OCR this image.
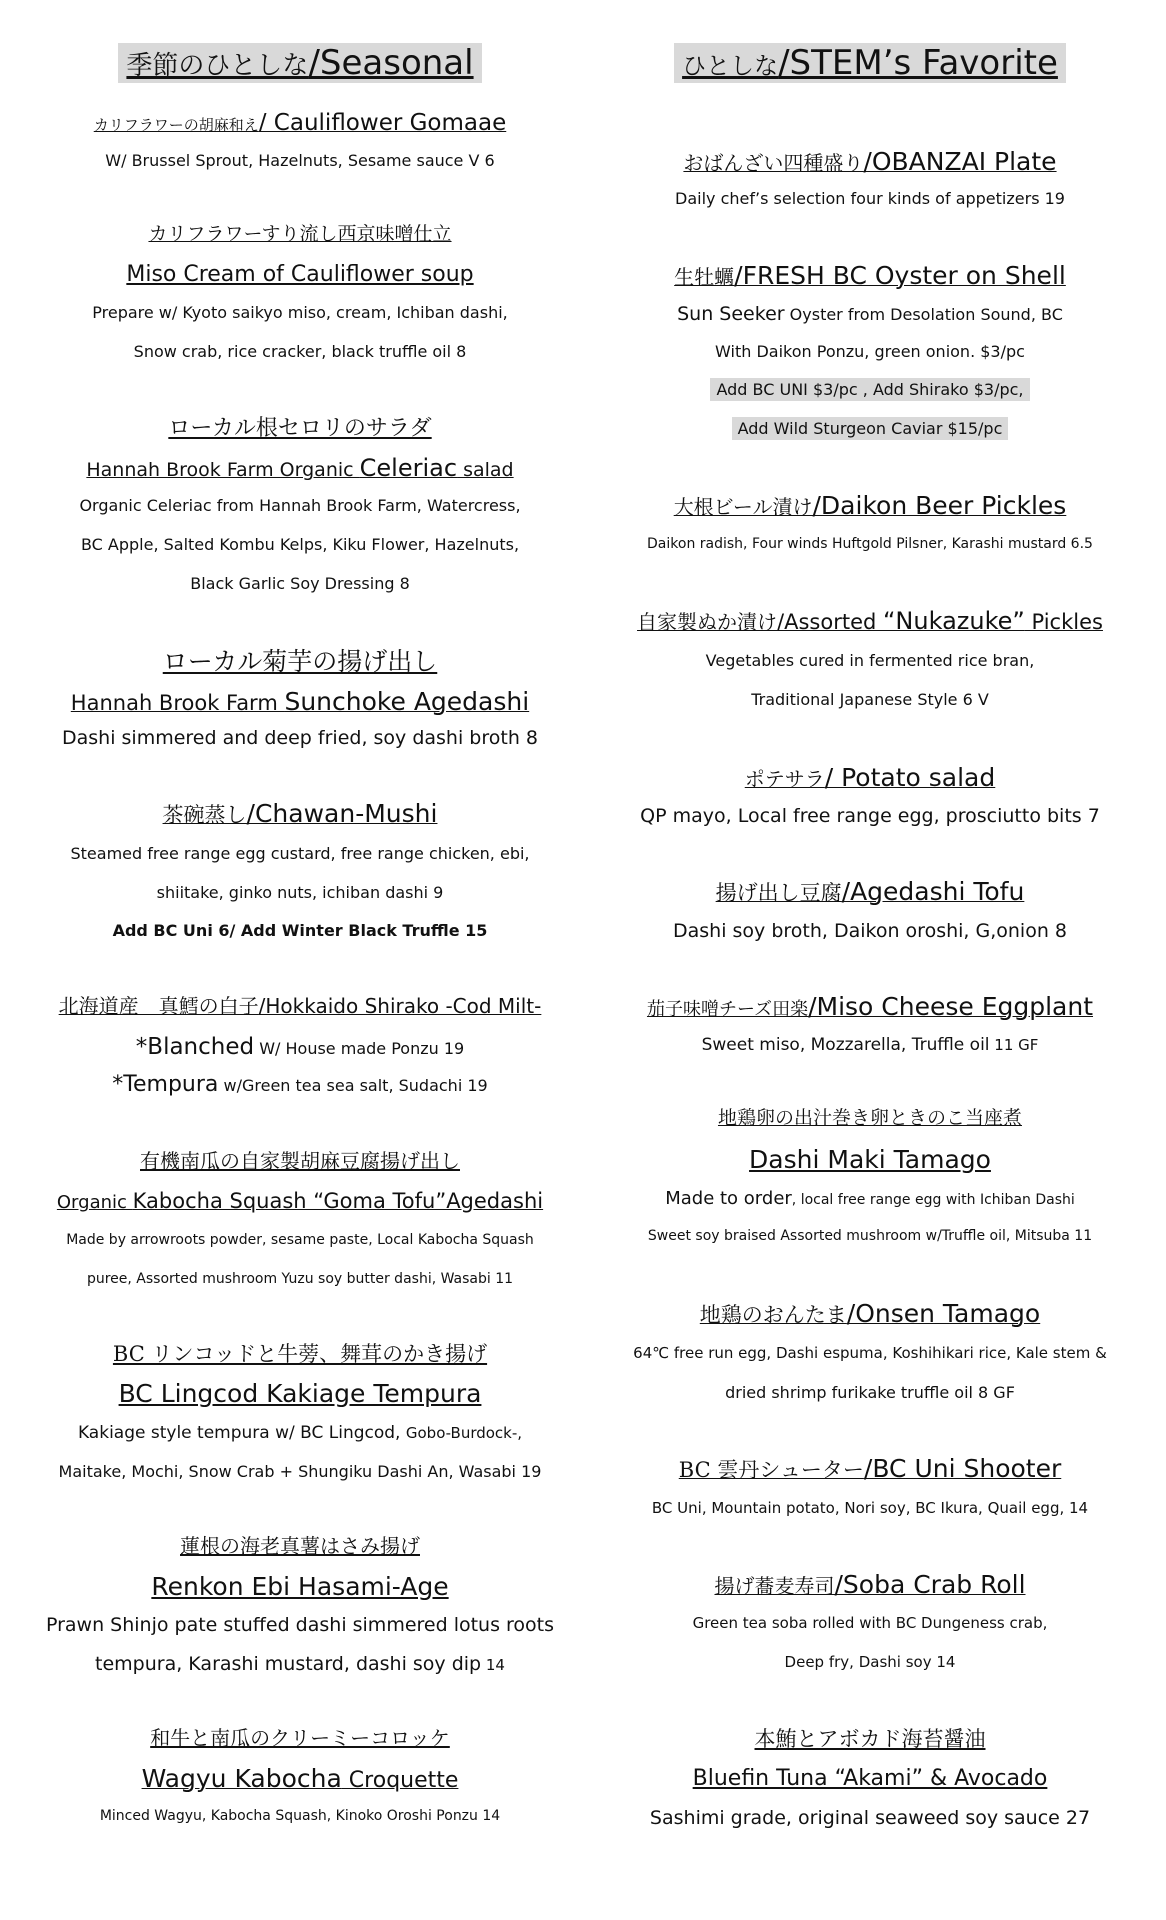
季節のひとしな/Seasonal
カリフラワーの胡麻和え/ Cauliflower Gomaae
W/ Brussel Sprout, Hazelnuts, Sesame sauce V 6
カリフラワーすり流し西京味噌仕立
Miso Cream of Cauliflower soup
Prepare w/ Kyoto saikyo miso, cream, Ichiban dashi,
Snow crab, rice cracker, black truffle oil 8
ローカル根セロリのサラダ
Hannah Brook Farm Organic Celeriac salad
Organic Celeriac from Hannah Brook Farm, Watercress,
BC Apple, Salted Kombu Kelps, Kiku Flower, Hazelnuts,
Black Garlic Soy Dressing 8
ローカル菊芋の揚げ出し
Hannah Brook Farm Sunchoke Agedashi
Dashi simmered and deep fried, soy dashi broth 8
茶碗蒸し/Chawan-Mushi
Steamed free range egg custard, free range chicken, ebi,
shiitake, ginko nuts, ichiban dashi 9
Add BC Uni 6/ Add Winter Black Truffle 15
北海道産　真鱈の白子/Hokkaido Shirako -Cod Milt-
*Blanched W/ House made Ponzu 19
*Tempura w/Green tea sea salt, Sudachi 19
有機南瓜の自家製胡麻豆腐揚げ出し
Organic Kabocha Squash “Goma Tofu”Agedashi
Made by arrowroots powder, sesame paste, Local Kabocha Squash
puree, Assorted mushroom Yuzu soy butter dashi, Wasabi 11
BC リンコッドと牛蒡、舞茸のかき揚げ
BC Lingcod Kakiage Tempura
Kakiage style tempura w/ BC Lingcod, Gobo-Burdock-,
Maitake, Mochi, Snow Crab + Shungiku Dashi An, Wasabi 19
蓮根の海老真薯はさみ揚げ
Renkon Ebi Hasami-Age
Prawn Shinjo pate stuffed dashi simmered lotus roots
tempura, Karashi mustard, dashi soy dip 14
和牛と南瓜のクリーミーコロッケ
Wagyu Kabocha Croquette
Minced Wagyu, Kabocha Squash, Kinoko Oroshi Ponzu 14
ひとしな/STEM’s Favorite
おばんざい四種盛り/OBANZAI Plate
Daily chef’s selection four kinds of appetizers 19
生牡蠣/FRESH BC Oyster on Shell
Sun Seeker Oyster from Desolation Sound, BC
With Daikon Ponzu, green onion. $3/pc
Add BC UNI $3/pc , Add Shirako $3/pc,
Add Wild Sturgeon Caviar $15/pc
大根ビール漬け/Daikon Beer Pickles
Daikon radish, Four winds Huftgold Pilsner, Karashi mustard 6.5
自家製ぬか漬け/Assorted “Nukazuke” Pickles
Vegetables cured in fermented rice bran,
Traditional Japanese Style 6 V
ポテサラ/ Potato salad
QP mayo, Local free range egg, prosciutto bits 7
揚げ出し豆腐/Agedashi Tofu
Dashi soy broth, Daikon oroshi, G,onion 8
茄子味噌チーズ田楽/Miso Cheese Eggplant
Sweet miso, Mozzarella, Truffle oil 11 GF
地鶏卵の出汁巻き卵ときのこ当座煮
Dashi Maki Tamago
Made to order, local free range egg with Ichiban Dashi
Sweet soy braised Assorted mushroom w/Truffle oil, Mitsuba 11
地鶏のおんたま/Onsen Tamago
64℃ free run egg, Dashi espuma, Koshihikari rice, Kale stem &
dried shrimp furikake truffle oil 8 GF
BC 雲丹シューター/BC Uni Shooter
BC Uni, Mountain potato, Nori soy, BC Ikura, Quail egg, 14
揚げ蕎麦寿司/Soba Crab Roll
Green tea soba rolled with BC Dungeness crab,
Deep fry, Dashi soy 14
本鮪とアボカド海苔醤油
Bluefin Tuna “Akami” & Avocado
Sashimi grade, original seaweed soy sauce 27
